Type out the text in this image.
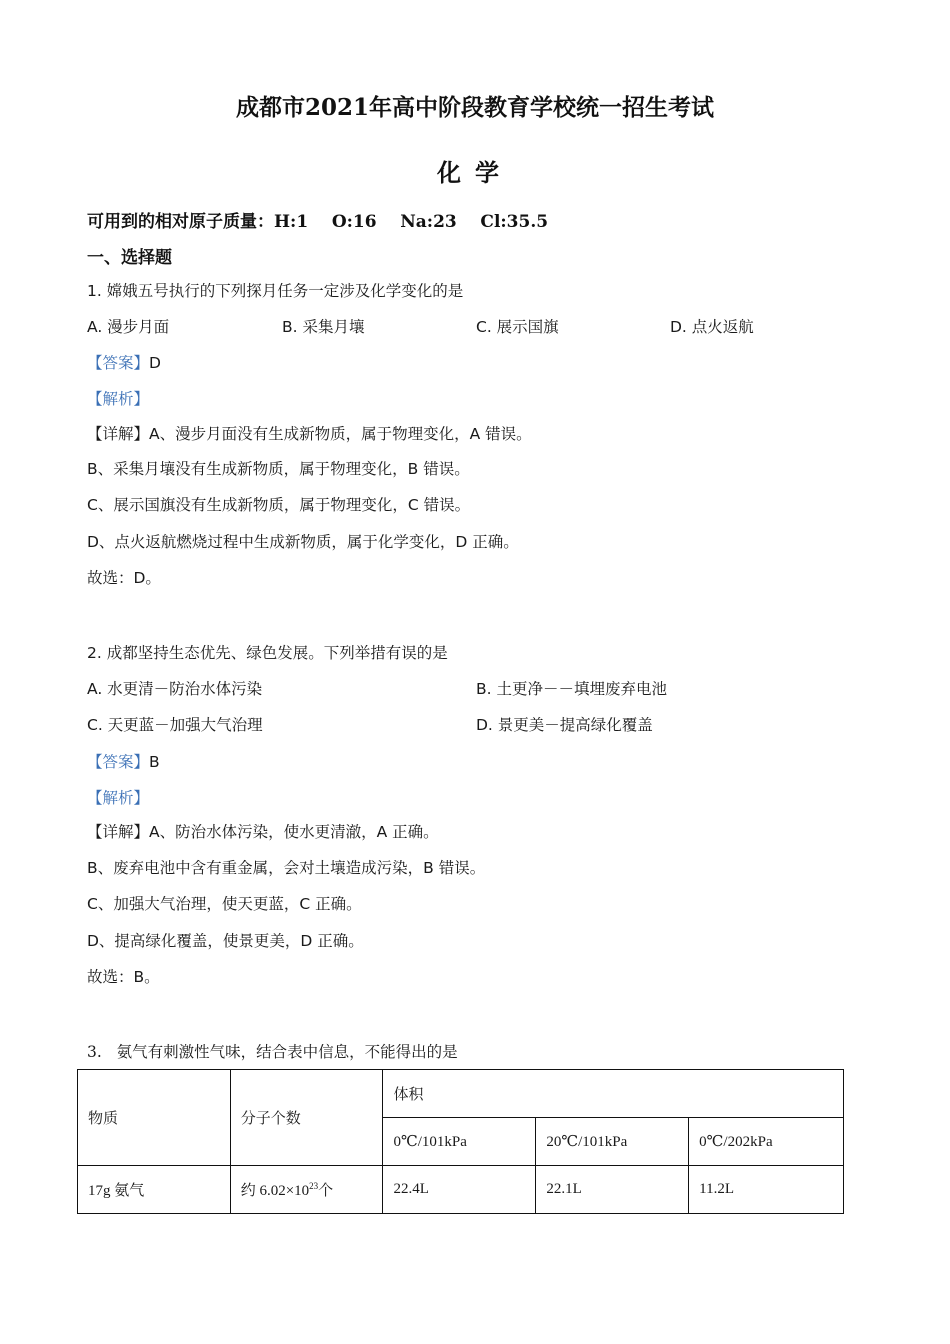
成都市2021年高中阶段教育学校统一招生考试
化学
可用到的相对原子质量：H:1    O:16    Na:23    Cl:35.5
一、选择题
1. 嫦娥五号执行的下列探月任务一定涉及化学变化的是
A. 漫步月面	B. 采集月壤	C. 展示国旗	D. 点火返航
【答案】D
【解析】
【详解】A、漫步月面没有生成新物质，属于物理变化，A 错误。
B、采集月壤没有生成新物质，属于物理变化，B 错误。
C、展示国旗没有生成新物质，属于物理变化，C 错误。
D、点火返航燃烧过程中生成新物质，属于化学变化，D 正确。
故选：D。
2. 成都坚持生态优先、绿色发展。下列举措有误的是
A. 水更清－防治水体污染	B. 土更净－－填埋废弃电池
C. 天更蓝－加强大气治理	D. 景更美－提高绿化覆盖
【答案】B
【解析】
【详解】A、防治水体污染，使水更清澈，A 正确。
B、废弃电池中含有重金属，会对土壤造成污染，B 错误。
C、加强大气治理，使天更蓝，C 正确。
D、提高绿化覆盖，使景更美，D 正确。
故选：B。
3.   氨气有刺激性气味，结合表中信息，不能得出的是
物质	分子个数	体积		
		0℃/101kPa	20℃/101kPa	0℃/202kPa
17g 氨气	约 $6.02\times 10^{23}$个	22.4L	22.1L	11.2L
